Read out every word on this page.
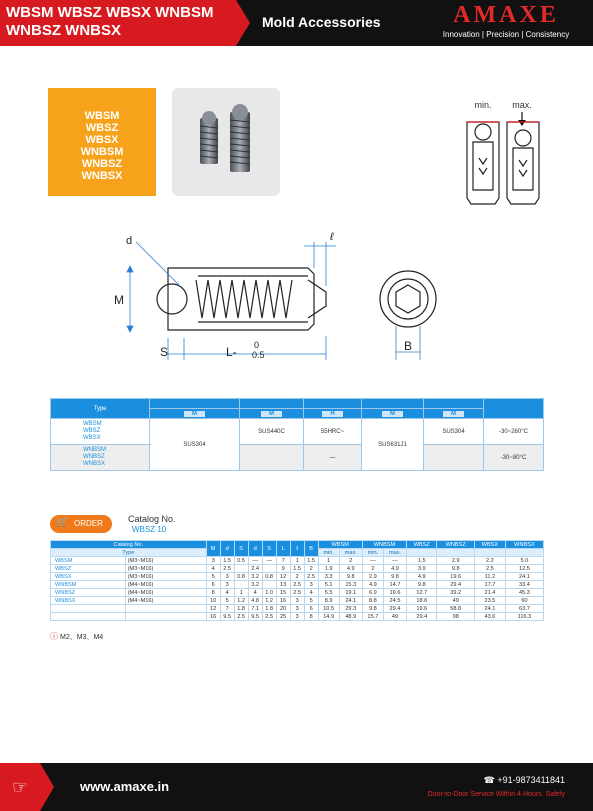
WBSM WBSZ WBSX WNBSM
WNBSZ WNBSX	Mold Accessories	AMAXE
Innovation | Precision | Consistency
WBSM
WBSZ
WBSX
WNBSM
WNBSZ
WNBSX
min. max.
d	ℓ
M
S	L- 0
0.5
B
Type						
	M	M	H	M	M	

WBSM
WBSZ
WBSX	SUS304	SUS440C	55HRC~	SUS631J1	SUS304	-30~260°C

WNBSM
WNBSZ
WNBSX			—			-30~80°C
🛒 ORDER	Catalog No.
WBSZ 10
Catalog No.		M	d	S	d	S	L	ℓ	B	WBSM		WNBSM		WBSZ	WNBSZ	WBSX	WNBSX
Type										min.	max.	min.	max.				
WBSM	(M3~M16)	3	1.5	0.5	—	—	7	1	1.5	1	2	—	—	1.5	2.9	2.2	5.0
WBSZ	(M3~M16)	4	2.5		2.4		9	1.5	2	1.9	4.9	2	4.9	3.9	9.8	2.5	12.5
WBSX	(M3~M16)	5	3	0.8	3.2	0.8	12	2	2.5	3.3	9.8	2.9	9.8	4.9	19.6	11.2	24.1
WNBSM	(M4~M16)	6	3		3.2		13	2.5	3	5.1	15.3	4.9	14.7	9.8	29.4	17.7	33.4
WNBSZ	(M4~M16)	8	4	1	4	1.0	15	2.5	4	5.5	19.1	6.9	19.6	12.7	39.2	21.4	45.3
WNBSX	(M4~M16)	10	5	1.2	4.8	1.2	16	3	5	8.9	24.1	8.8	24.5	18.6	49	23.5	60
		12	7	1.8	7.1	1.8	20	3	6	10.5	29.3	9.8	29.4	19.6	58.8	24.1	63.7
		16	9.5	2.5	9.5	2.5	25	3	8	14.9	48.9	15.7	49	29.4	98	43.6	116.3
ⓘ M2、M3、M4
☞	www.amaxe.in	☎ +91-9873411841
Door-to-Door Service Within 4 Hours. Safely
